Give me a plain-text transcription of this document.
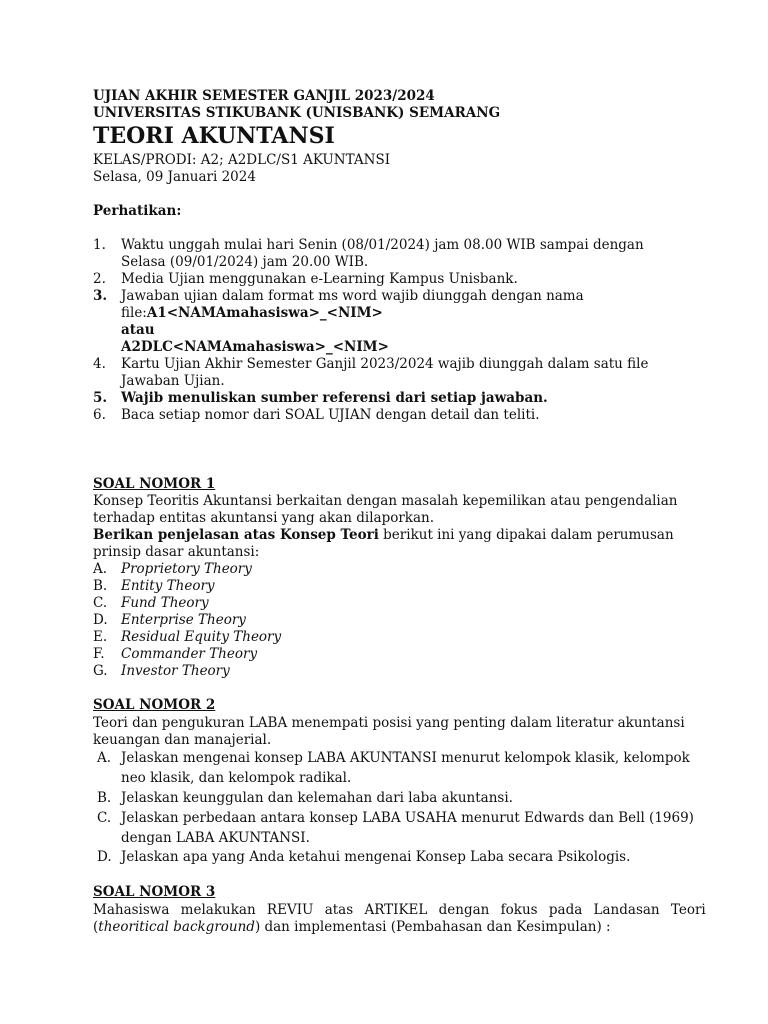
UJIAN AKHIR SEMESTER GANJIL 2023/2024
UNIVERSITAS STIKUBANK (UNISBANK) SEMARANG
TEORI AKUNTANSI
KELAS/PRODI: A2; A2DLC/S1 AKUNTANSI
Selasa, 09 Januari 2024
Perhatikan:
1. Waktu unggah mulai hari Senin (08/01/2024) jam 08.00 WIB sampai dengan
Selasa (09/01/2024) jam 20.00 WIB.
2. Media Ujian menggunakan e-Learning Kampus Unisbank.
3. Jawaban ujian dalam format ms word wajib diunggah dengan nama
file:A1<NAMAmahasiswa>_<NIM>
atau
A2DLC<NAMAmahasiswa>_<NIM>
4. Kartu Ujian Akhir Semester Ganjil 2023/2024 wajib diunggah dalam satu file
Jawaban Ujian.
5. Wajib menuliskan sumber referensi dari setiap jawaban.
6. Baca setiap nomor dari SOAL UJIAN dengan detail dan teliti.
SOAL NOMOR 1
Konsep Teoritis Akuntansi berkaitan dengan masalah kepemilikan atau pengendalian
terhadap entitas akuntansi yang akan dilaporkan.
Berikan penjelasan atas Konsep Teori berikut ini yang dipakai dalam perumusan
prinsip dasar akuntansi:
A. Proprietory Theory
B. Entity Theory
C. Fund Theory
D. Enterprise Theory
E. Residual Equity Theory
F. Commander Theory
G. Investor Theory
SOAL NOMOR 2
Teori dan pengukuran LABA menempati posisi yang penting dalam literatur akuntansi
keuangan dan manajerial.
A. Jelaskan mengenai konsep LABA AKUNTANSI menurut kelompok klasik, kelompok
neo klasik, dan kelompok radikal.
B. Jelaskan keunggulan dan kelemahan dari laba akuntansi.
C. Jelaskan perbedaan antara konsep LABA USAHA menurut Edwards dan Bell (1969)
dengan LABA AKUNTANSI.
D. Jelaskan apa yang Anda ketahui mengenai Konsep Laba secara Psikologis.
SOAL NOMOR 3
Mahasiswa melakukan REVIU atas ARTIKEL dengan fokus pada Landasan Teori
(theoritical background) dan implementasi (Pembahasan dan Kesimpulan) :
